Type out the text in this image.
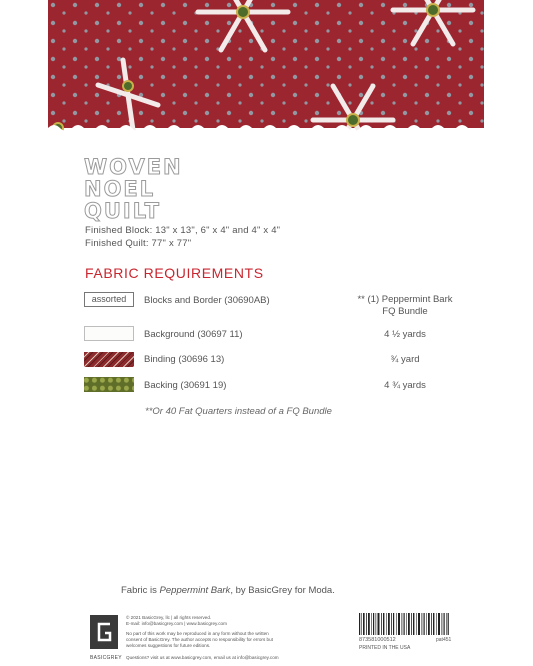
WOVEN
NOEL
QUILT
Finished Block: 13" x 13", 6" x 4" and 4" x 4"
Finished Quilt: 77" x 77"
FABRIC REQUIREMENTS
assorted	Blocks and Border (30690AB)	** (1) Peppermint Bark FQ Bundle
Background (30697 11)	4 ½ yards
Binding (30696 13)	¾ yard
Backing (30691 19)	4 ¾ yards
**Or 40 Fat Quarters instead of a FQ Bundle
Fabric is Peppermint Bark, by BasicGrey for Moda.
BASICGREY
© 2021 BasicGrey, llc | all rights reserved.
E-mail: info@basicgrey.com | www.basicgrey.com
No part of this work may be reproduced in any form without the written
consent of BasicGrey. The author accepts no responsibility for errors but
welcomes suggestions for future editions.
Questions? visit us at www.basicgrey.com, email us at info@basicgrey.com
873581000512
PRINTED IN THE USA
pat451
